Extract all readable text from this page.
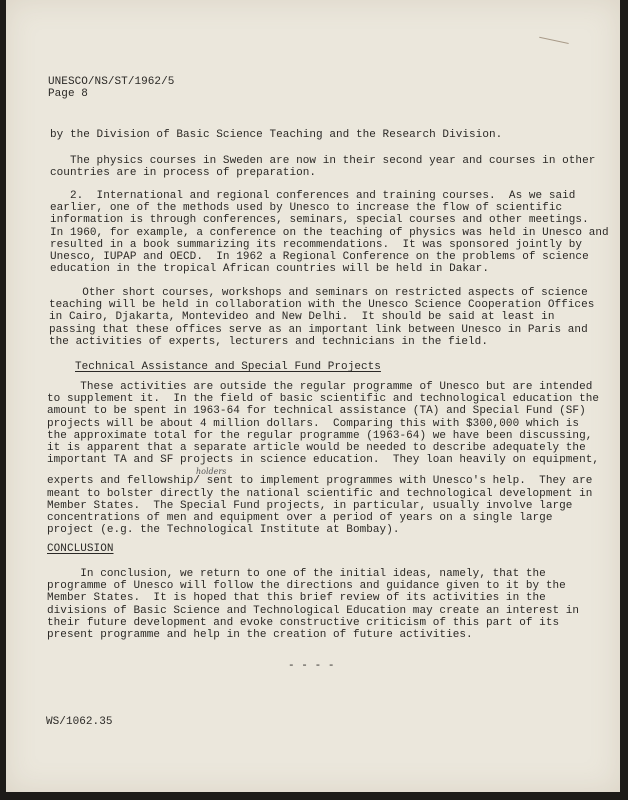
UNESCO/NS/ST/1962/5
Page 8
by the Division of Basic Science Teaching and the Research Division.
The physics courses in Sweden are now in their second year and courses in other
countries are in process of preparation.
2.  International and regional conferences and training courses.  As we said
earlier, one of the methods used by Unesco to increase the flow of scientific
information is through conferences, seminars, special courses and other meetings.
In 1960, for example, a conference on the teaching of physics was held in Unesco and
resulted in a book summarizing its recommendations.  It was sponsored jointly by
Unesco, IUPAP and OECD.  In 1962 a Regional Conference on the problems of science
education in the tropical African countries will be held in Dakar.
Other short courses, workshops and seminars on restricted aspects of science
teaching will be held in collaboration with the Unesco Science Cooperation Offices
in Cairo, Djakarta, Montevideo and New Delhi.  It should be said at least in
passing that these offices serve as an important link between Unesco in Paris and
the activities of experts, lecturers and technicians in the field.
Technical Assistance and Special Fund Projects
These activities are outside the regular programme of Unesco but are intended
to supplement it.  In the field of basic scientific and technological education the
amount to be spent in 1963-64 for technical assistance (TA) and Special Fund (SF)
projects will be about 4 million dollars.  Comparing this with $300,000 which is
the approximate total for the regular programme (1963-64) we have been discussing,
it is apparent that a separate article would be needed to describe adequately the
important TA and SF projects in science education.  They loan heavily on equipment,
experts and fellowship/ sent to implement programmes with Unesco's help.  They are
meant to bolster directly the national scientific and technological development in
Member States.  The Special Fund projects, in particular, usually involve large
concentrations of men and equipment over a period of years on a single large
project (e.g. the Technological Institute at Bombay).
holders
CONCLUSION
In conclusion, we return to one of the initial ideas, namely, that the
programme of Unesco will follow the directions and guidance given to it by the
Member States.  It is hoped that this brief review of its activities in the
divisions of Basic Science and Technological Education may create an interest in
their future development and evoke constructive criticism of this part of its
present programme and help in the creation of future activities.
- - - -
WS/1062.35
